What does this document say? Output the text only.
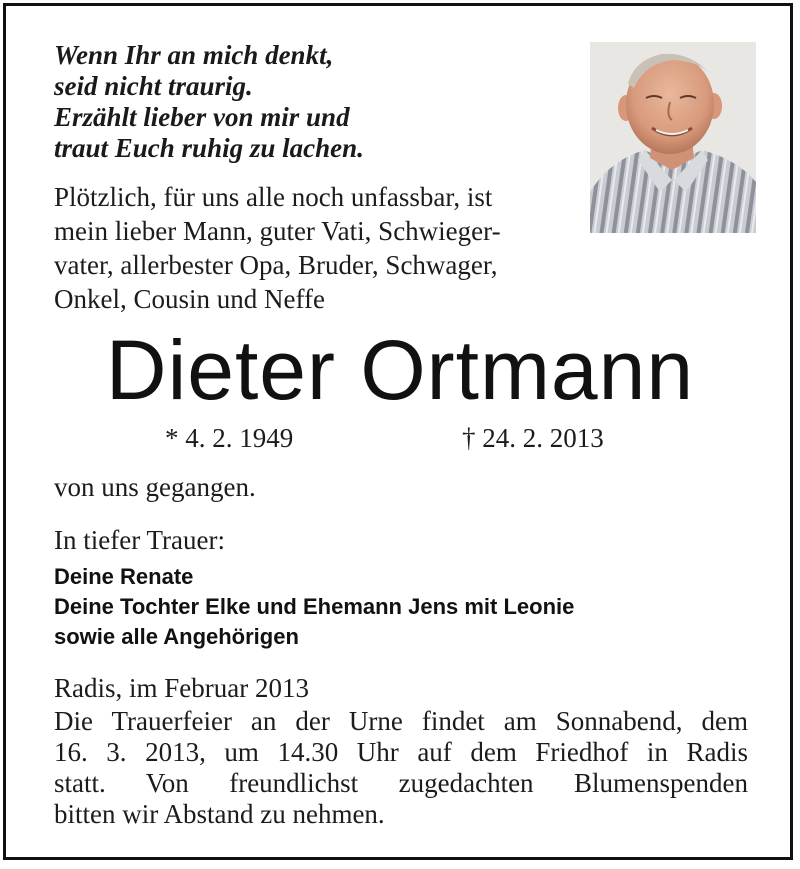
Wenn Ihr an mich denkt,
seid nicht traurig.
Erzählt lieber von mir und
traut Euch ruhig zu lachen.
Plötzlich, für uns alle noch unfassbar, ist
mein lieber Mann, guter Vati, Schwieger-
vater, allerbester Opa, Bruder, Schwager,
Onkel, Cousin und Neffe
Dieter Ortmann
* 4. 2. 1949	† 24. 2. 2013
von uns gegangen.
In tiefer Trauer:
Deine Renate
Deine Tochter Elke und Ehemann Jens mit Leonie
sowie alle Angehörigen
Radis, im Februar 2013
Die Trauerfeier an der Urne findet am Sonnabend, dem
16. 3. 2013, um 14.30 Uhr auf dem Friedhof in Radis
statt. Von freundlichst zugedachten Blumenspenden
bitten wir Abstand zu nehmen.
